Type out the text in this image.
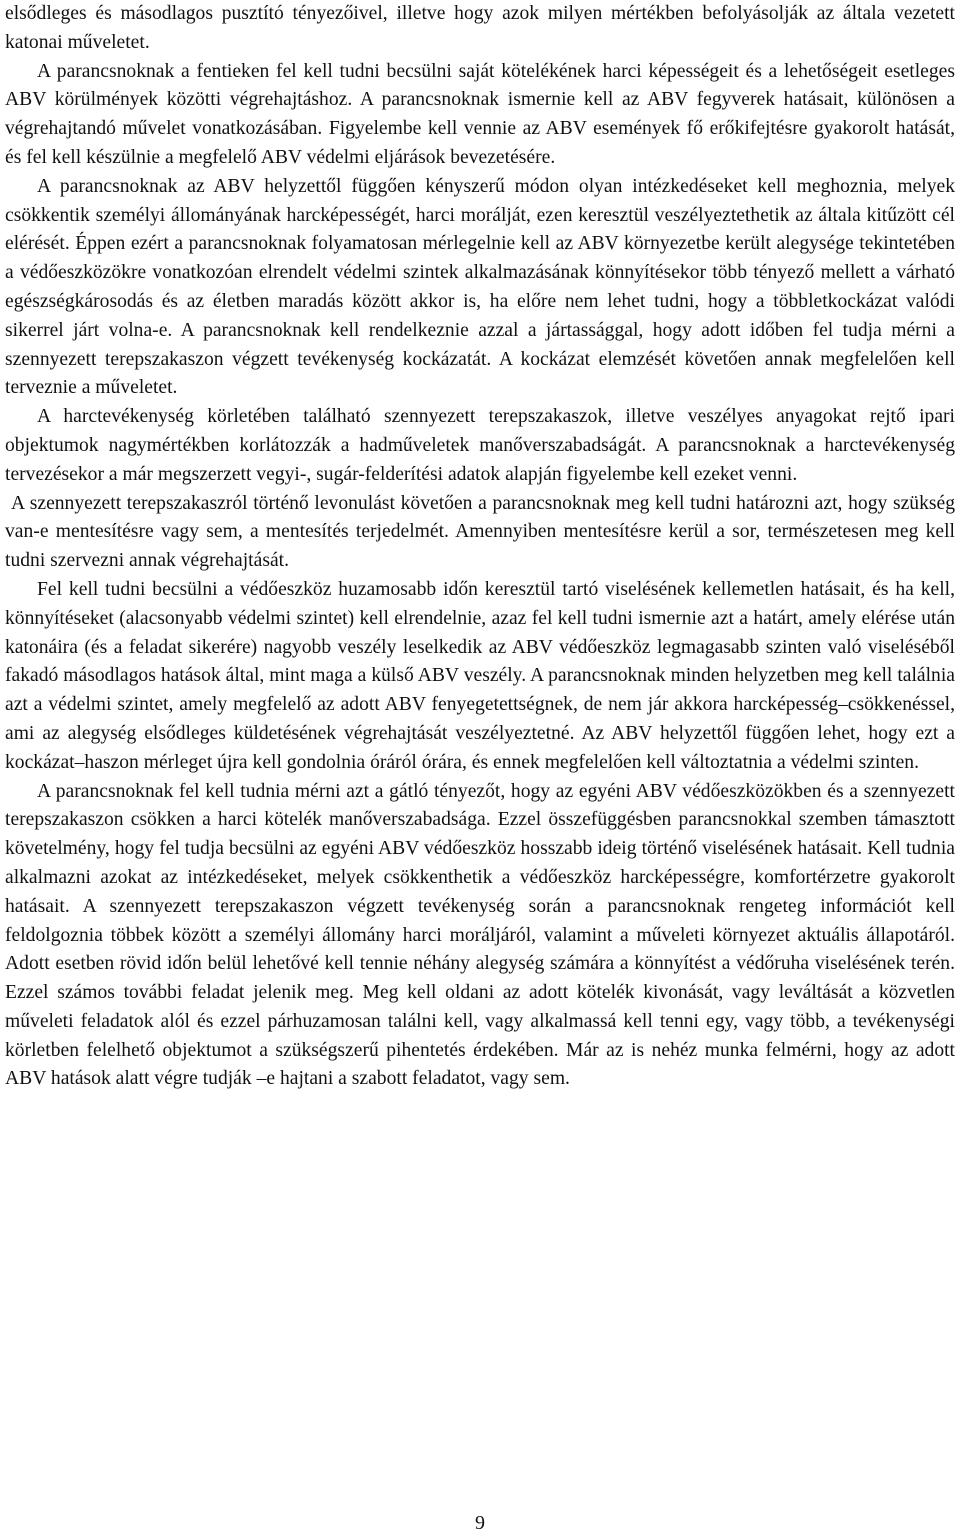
elsődleges és másodlagos pusztító tényezőivel, illetve hogy azok milyen mértékben befolyásolják az általa vezetett katonai műveletet.

A parancsnoknak a fentieken fel kell tudni becsülni saját kötelékének harci képességeit és a lehetőségeit esetleges ABV körülmények közötti végrehajtáshoz. A parancsnoknak ismernie kell az ABV fegyverek hatásait, különösen a végrehajtandó művelet vonatkozásában. Figyelembe kell vennie az ABV események fő erőkifejtésre gyakorolt hatását, és fel kell készülnie a megfelelő ABV védelmi eljárások bevezetésére.

A parancsnoknak az ABV helyzettől függően kényszerű módon olyan intézkedéseket kell meghoznia, melyek csökkentik személyi állományának harcképességét, harci morálját, ezen keresztül veszélyeztethetik az általa kitűzött cél elérését. Éppen ezért a parancsnoknak folyamatosan mérlegelnie kell az ABV környezetbe került alegysége tekintetében a védőeszközökre vonatkozóan elrendelt védelmi szintek alkalmazásának könnyítésekor több tényező mellett a várható egészségkárosodás és az életben maradás között akkor is, ha előre nem lehet tudni, hogy a többletkockázat valódi sikerrel járt volna-e. A parancsnoknak kell rendelkeznie azzal a jártassággal, hogy adott időben fel tudja mérni a szennyezett terepszakaszon végzett tevékenység kockázatát. A kockázat elemzését követően annak megfelelően kell terveznie a műveletet.

A harctevékenység körletében található szennyezett terepszakaszok, illetve veszélyes anyagokat rejtő ipari objektumok nagymértékben korlátozzák a hadműveletek manőverszabadságát. A parancsnoknak a harctevékenység tervezésekor a már megszerzett vegyi-, sugár-felderítési adatok alapján figyelembe kell ezeket venni.

A szennyezett terepszakaszról történő levonulást követően a parancsnoknak meg kell tudni határozni azt, hogy szükség van-e mentesítésre vagy sem, a mentesítés terjedelmét. Amennyiben mentesítésre kerül a sor, természetesen meg kell tudni szervezni annak végrehajtását.

Fel kell tudni becsülni a védőeszköz huzamosabb időn keresztül tartó viselésének kellemetlen hatásait, és ha kell, könnyítéseket (alacsonyabb védelmi szintet) kell elrendelnie, azaz fel kell tudni ismernie azt a határt, amely elérése után katonáira (és a feladat sikerére) nagyobb veszély leselkedik az ABV védőeszköz legmagasabb szinten való viseléséből fakadó másodlagos hatások által, mint maga a külső ABV veszély. A parancsnoknak minden helyzetben meg kell találnia azt a védelmi szintet, amely megfelelő az adott ABV fenyegetettségnek, de nem jár akkora harcképesség–csökkenéssel, ami az alegység elsődleges küldetésének végrehajtását veszélyeztetné. Az ABV helyzettől függően lehet, hogy ezt a kockázat–haszon mérleget újra kell gondolnia óráról órára, és ennek megfelelően kell változtatnia a védelmi szinten.

A parancsnoknak fel kell tudnia mérni azt a gátló tényezőt, hogy az egyéni ABV védőeszközökben és a szennyezett terepszakaszon csökken a harci kötelék manőverszabadsága. Ezzel összefüggésben parancsnokkal szemben támasztott követelmény, hogy fel tudja becsülni az egyéni ABV védőeszköz hosszabb ideig történő viselésének hatásait. Kell tudnia alkalmazni azokat az intézkedéseket, melyek csökkenthetik a védőeszköz harcképességre, komfortérzetre gyakorolt hatásait. A szennyezett terepszakaszon végzett tevékenység során a parancsnoknak rengeteg információt kell feldolgoznia többek között a személyi állomány harci moráljáról, valamint a műveleti környezet aktuális állapotáról. Adott esetben rövid időn belül lehetővé kell tennie néhány alegység számára a könnyítést a védőruha viselésének terén. Ezzel számos további feladat jelenik meg. Meg kell oldani az adott kötelék kivonását, vagy leváltását a közvetlen műveleti feladatok alól és ezzel párhuzamosan találni kell, vagy alkalmassá kell tenni egy, vagy több, a tevékenységi körletben felelhető objektumot a szükségszerű pihentetés érdekében. Már az is nehéz munka felmérni, hogy az adott ABV hatások alatt végre tudják –e hajtani a szabott feladatot, vagy sem.

9
